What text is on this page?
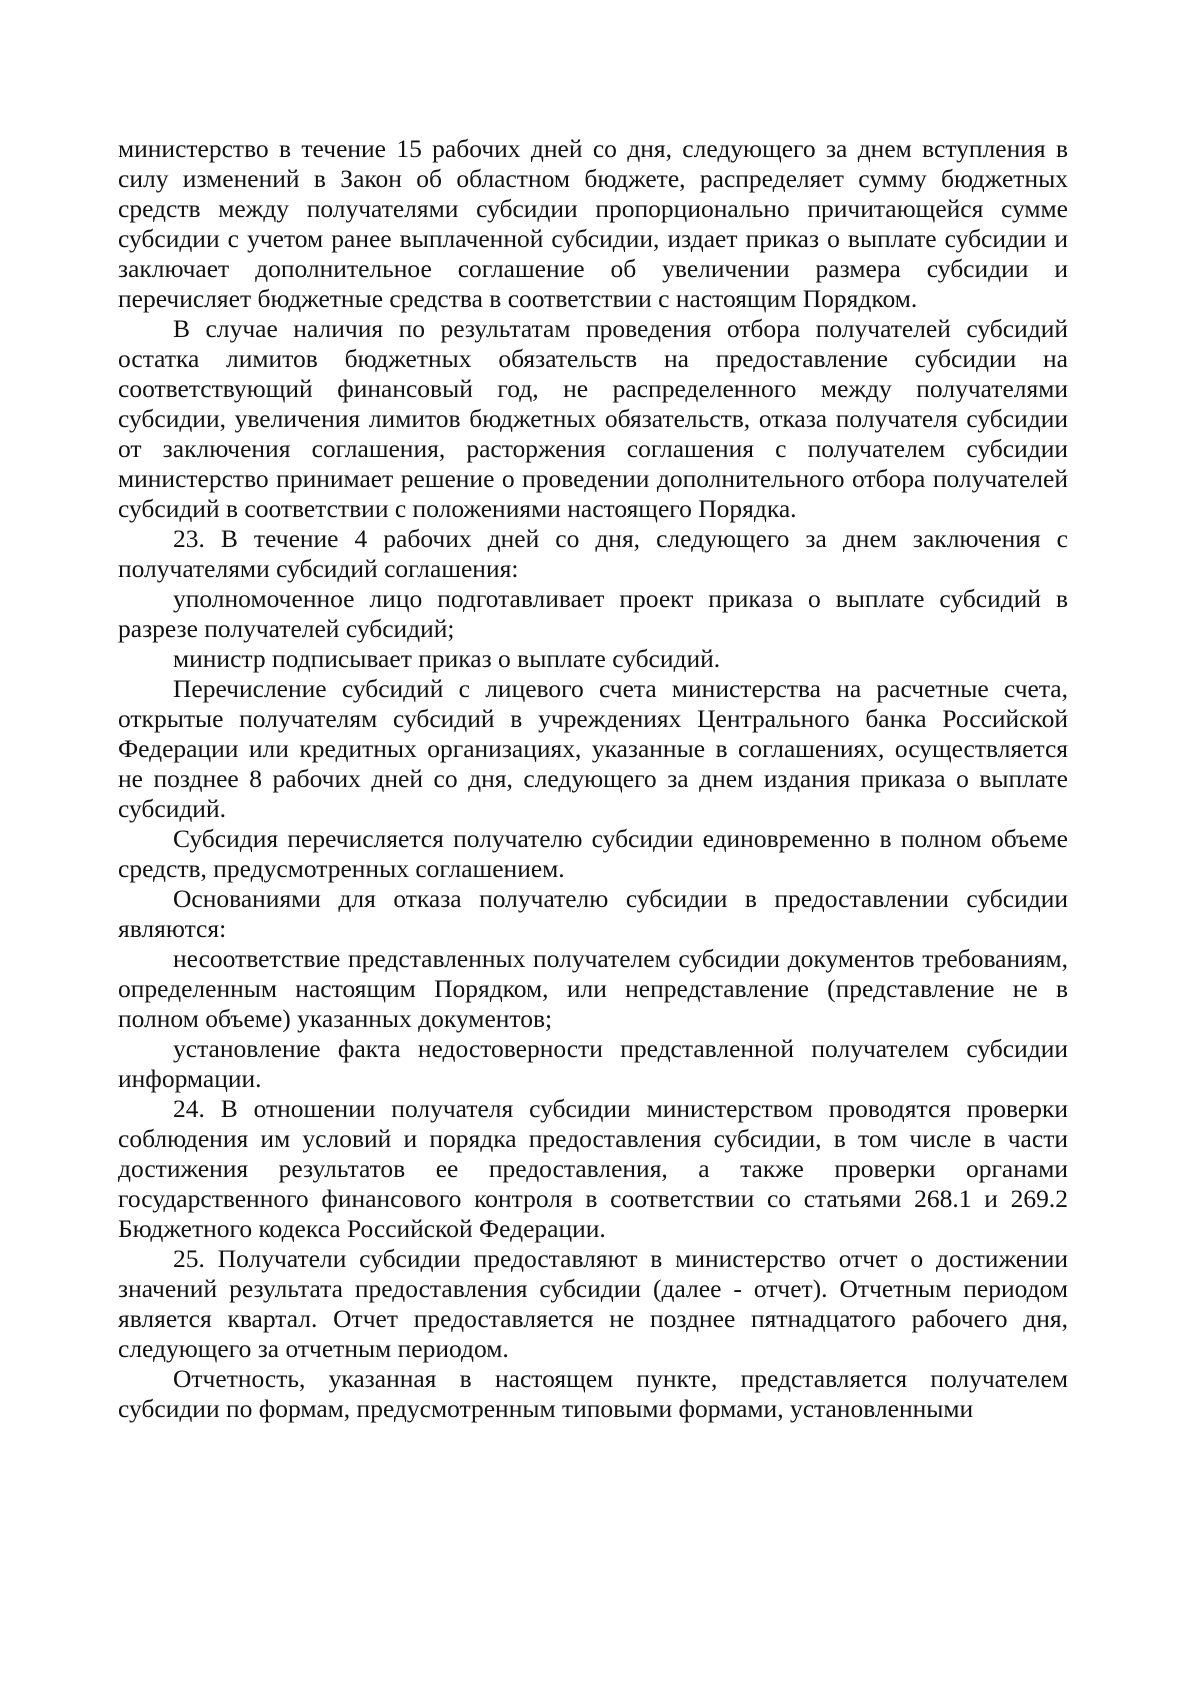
министерство в течение 15 рабочих дней со дня, следующего за днем вступления в силу изменений в Закон об областном бюджете, распределяет сумму бюджетных средств между получателями субсидии пропорционально причитающейся сумме субсидии с учетом ранее выплаченной субсидии, издает приказ о выплате субсидии и заключает дополнительное соглашение об увеличении размера субсидии и перечисляет бюджетные средства в соответствии с настоящим Порядком.

В случае наличия по результатам проведения отбора получателей субсидий остатка лимитов бюджетных обязательств на предоставление субсидии на соответствующий финансовый год, не распределенного между получателями субсидии, увеличения лимитов бюджетных обязательств, отказа получателя субсидии от заключения соглашения, расторжения соглашения с получателем субсидии министерство принимает решение о проведении дополнительного отбора получателей субсидий в соответствии с положениями настоящего Порядка.

23. В течение 4 рабочих дней со дня, следующего за днем заключения с получателями субсидий соглашения:

уполномоченное лицо подготавливает проект приказа о выплате субсидий в разрезе получателей субсидий;

министр подписывает приказ о выплате субсидий.

Перечисление субсидий с лицевого счета министерства на расчетные счета, открытые получателям субсидий в учреждениях Центрального банка Российской Федерации или кредитных организациях, указанные в соглашениях, осуществляется не позднее 8 рабочих дней со дня, следующего за днем издания приказа о выплате субсидий.

Субсидия перечисляется получателю субсидии единовременно в полном объеме средств, предусмотренных соглашением.

Основаниями для отказа получателю субсидии в предоставлении субсидии являются:

несоответствие представленных получателем субсидии документов требованиям, определенным настоящим Порядком, или непредставление (представление не в полном объеме) указанных документов;

установление факта недостоверности представленной получателем субсидии информации.

24. В отношении получателя субсидии министерством проводятся проверки соблюдения им условий и порядка предоставления субсидии, в том числе в части достижения результатов ее предоставления, а также проверки органами государственного финансового контроля в соответствии со статьями 268.1 и 269.2 Бюджетного кодекса Российской Федерации.

25. Получатели субсидии предоставляют в министерство отчет о достижении значений результата предоставления субсидии (далее - отчет). Отчетным периодом является квартал. Отчет предоставляется не позднее пятнадцатого рабочего дня, следующего за отчетным периодом.

Отчетность, указанная в настоящем пункте, представляется получателем субсидии по формам, предусмотренным типовыми формами, установленными
